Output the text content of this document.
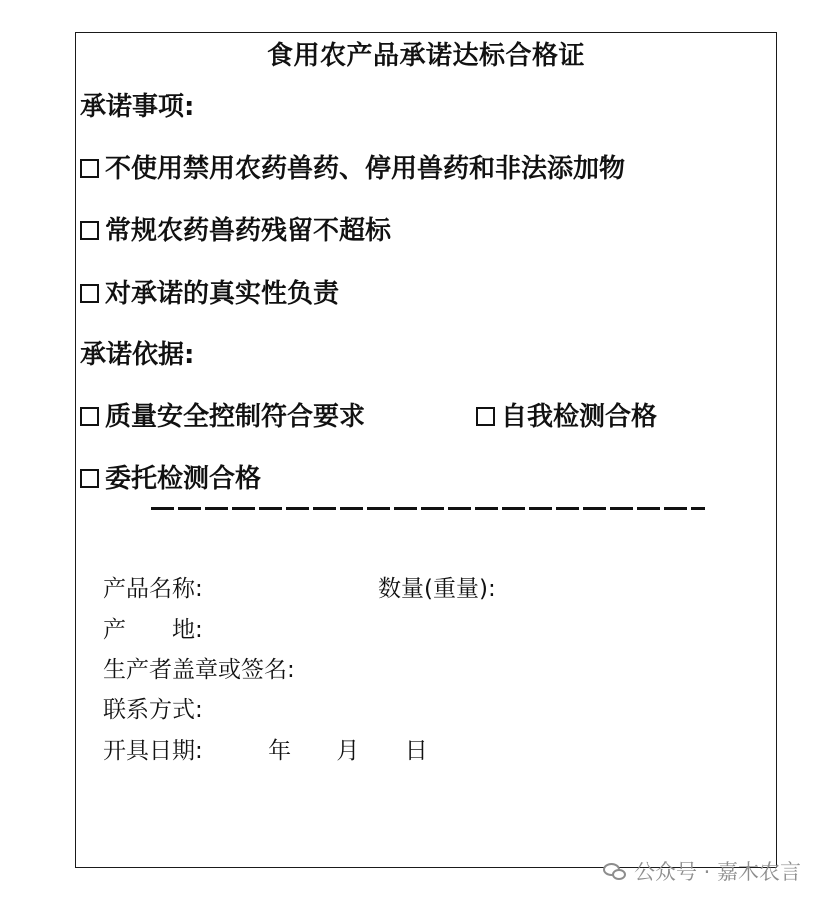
食用农产品承诺达标合格证
承诺事项:
不使用禁用农药兽药、停用兽药和非法添加物
常规农药兽药残留不超标
对承诺的真实性负责
承诺依据:
质量安全控制符合要求	自我检测合格
委托检测合格
产品名称:	数量(重量):
产　　地:
生产者盖章或签名:
联系方式:
开具日期:	年 月 日
公众号 · 嘉木农言
